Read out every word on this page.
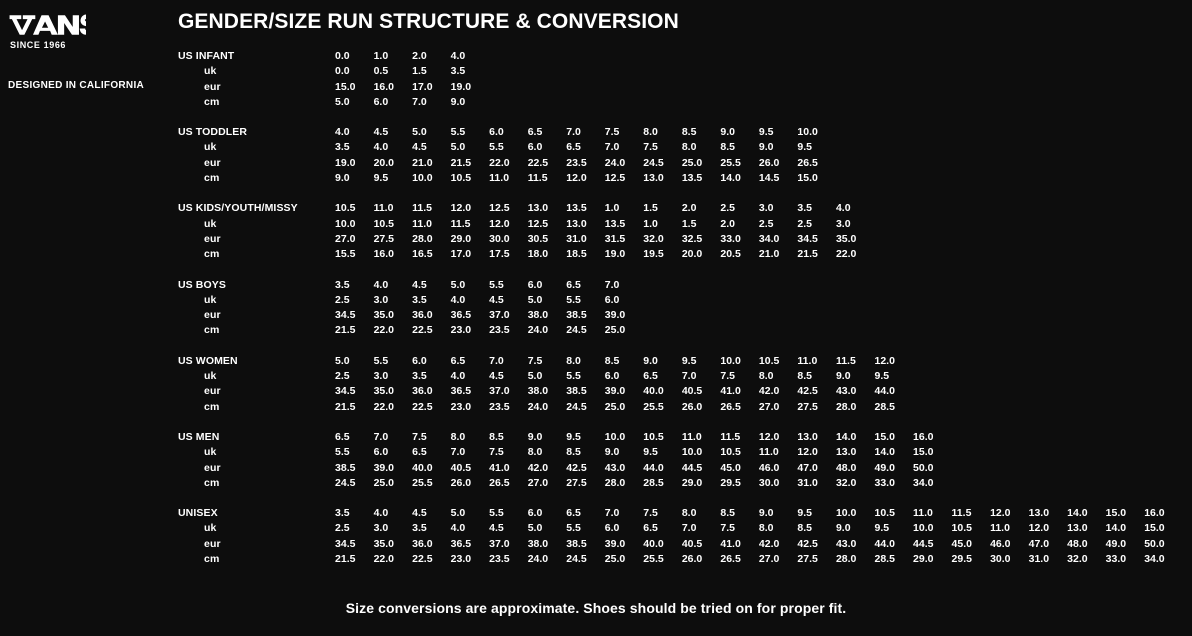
SINCE 1966
DESIGNED IN CALIFORNIA
GENDER/SIZE RUN STRUCTURE & CONVERSION
US INFANT	0.0	1.0	2.0	4.0																		
uk	0.0	0.5	1.5	3.5																		
eur	15.0	16.0	17.0	19.0																		
cm	5.0	6.0	7.0	9.0																		

US TODDLER	4.0	4.5	5.0	5.5	6.0	6.5	7.0	7.5	8.0	8.5	9.0	9.5	10.0									
uk	3.5	4.0	4.5	5.0	5.5	6.0	6.5	7.0	7.5	8.0	8.5	9.0	9.5									
eur	19.0	20.0	21.0	21.5	22.0	22.5	23.5	24.0	24.5	25.0	25.5	26.0	26.5									
cm	9.0	9.5	10.0	10.5	11.0	11.5	12.0	12.5	13.0	13.5	14.0	14.5	15.0									

US KIDS/YOUTH/MISSY	10.5	11.0	11.5	12.0	12.5	13.0	13.5	1.0	1.5	2.0	2.5	3.0	3.5	4.0								
uk	10.0	10.5	11.0	11.5	12.0	12.5	13.0	13.5	1.0	1.5	2.0	2.5	2.5	3.0								
eur	27.0	27.5	28.0	29.0	30.0	30.5	31.0	31.5	32.0	32.5	33.0	34.0	34.5	35.0								
cm	15.5	16.0	16.5	17.0	17.5	18.0	18.5	19.0	19.5	20.0	20.5	21.0	21.5	22.0								

US BOYS	3.5	4.0	4.5	5.0	5.5	6.0	6.5	7.0														
uk	2.5	3.0	3.5	4.0	4.5	5.0	5.5	6.0														
eur	34.5	35.0	36.0	36.5	37.0	38.0	38.5	39.0														
cm	21.5	22.0	22.5	23.0	23.5	24.0	24.5	25.0														

US WOMEN	5.0	5.5	6.0	6.5	7.0	7.5	8.0	8.5	9.0	9.5	10.0	10.5	11.0	11.5	12.0							
uk	2.5	3.0	3.5	4.0	4.5	5.0	5.5	6.0	6.5	7.0	7.5	8.0	8.5	9.0	9.5							
eur	34.5	35.0	36.0	36.5	37.0	38.0	38.5	39.0	40.0	40.5	41.0	42.0	42.5	43.0	44.0							
cm	21.5	22.0	22.5	23.0	23.5	24.0	24.5	25.0	25.5	26.0	26.5	27.0	27.5	28.0	28.5							

US MEN	6.5	7.0	7.5	8.0	8.5	9.0	9.5	10.0	10.5	11.0	11.5	12.0	13.0	14.0	15.0	16.0						
uk	5.5	6.0	6.5	7.0	7.5	8.0	8.5	9.0	9.5	10.0	10.5	11.0	12.0	13.0	14.0	15.0						
eur	38.5	39.0	40.0	40.5	41.0	42.0	42.5	43.0	44.0	44.5	45.0	46.0	47.0	48.0	49.0	50.0						
cm	24.5	25.0	25.5	26.0	26.5	27.0	27.5	28.0	28.5	29.0	29.5	30.0	31.0	32.0	33.0	34.0						

UNISEX	3.5	4.0	4.5	5.0	5.5	6.0	6.5	7.0	7.5	8.0	8.5	9.0	9.5	10.0	10.5	11.0	11.5	12.0	13.0	14.0	15.0	16.0
uk	2.5	3.0	3.5	4.0	4.5	5.0	5.5	6.0	6.5	7.0	7.5	8.0	8.5	9.0	9.5	10.0	10.5	11.0	12.0	13.0	14.0	15.0
eur	34.5	35.0	36.0	36.5	37.0	38.0	38.5	39.0	40.0	40.5	41.0	42.0	42.5	43.0	44.0	44.5	45.0	46.0	47.0	48.0	49.0	50.0
cm	21.5	22.0	22.5	23.0	23.5	24.0	24.5	25.0	25.5	26.0	26.5	27.0	27.5	28.0	28.5	29.0	29.5	30.0	31.0	32.0	33.0	34.0
Size conversions are approximate. Shoes should be tried on for proper fit.
